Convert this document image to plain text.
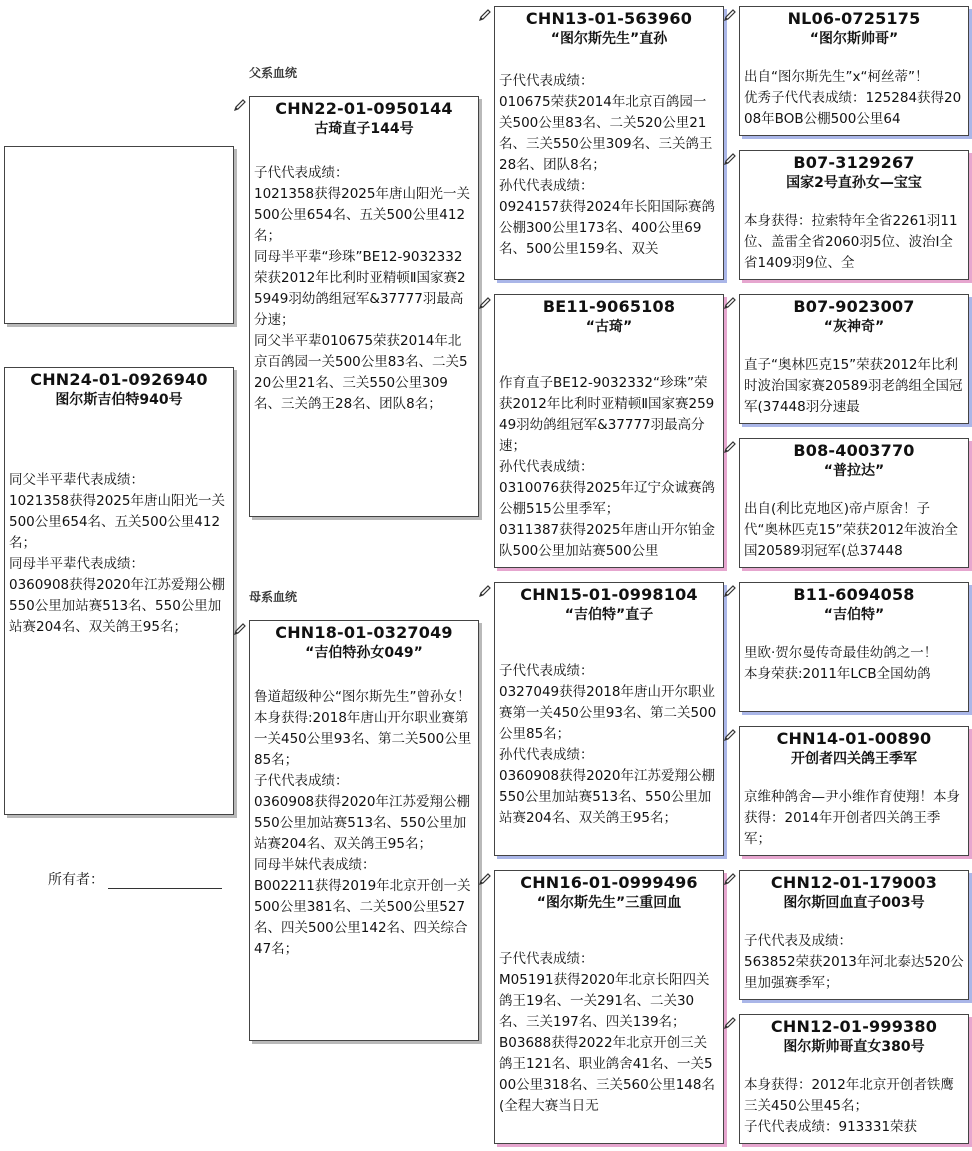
父系血统
母系血统
所有者：
CHN24-01-0926940
图尔斯吉伯特940号
同父半平辈代表成绩：
1021358获得2025年唐山阳光一关500公里654名、五关500公里412名；
同母半平辈代表成绩：
0360908获得2020年江苏爱翔公棚550公里加站赛513名、550公里加站赛204名、双关鸽王95名；
CHN22-01-0950144
古琦直子144号
子代代表成绩：
1021358获得2025年唐山阳光一关500公里654名、五关500公里412名；
同母半平辈“珍珠”BE12-9032332荣获2012年比利时亚精顿Ⅱ国家赛25949羽幼鸽组冠军&37777羽最高分速；
同父半平辈010675荣获2014年北京百鸽园一关500公里83名、二关520公里21名、三关550公里309名、三关鸽王28名、团队8名；
CHN18-01-0327049
“吉伯特孙女049”
鲁道超级种公“图尔斯先生”曾孙女！
本身获得:2018年唐山开尔职业赛第一关450公里93名、第二关500公里85名；
子代代表成绩：
0360908获得2020年江苏爱翔公棚550公里加站赛513名、550公里加站赛204名、双关鸽王95名；
同母半妹代表成绩：
B002211获得2019年北京开创一关500公里381名、二关500公里527名、四关500公里142名、四关综合47名；
CHN13-01-563960
“图尔斯先生”直孙
子代代表成绩：
010675荣获2014年北京百鸽园一关500公里83名、二关520公里21名、三关550公里309名、三关鸽王28名、团队8名；
孙代代表成绩：
0924157获得2024年长阳国际赛鸽公棚300公里173名、400公里69名、500公里159名、双关
BE11-9065108
“古琦”
作育直子BE12-9032332“珍珠”荣获2012年比利时亚精顿Ⅱ国家赛25949羽幼鸽组冠军&37777羽最高分速；
孙代代表成绩：
0310076获得2025年辽宁众诚赛鸽公棚515公里季军；
0311387获得2025年唐山开尔铂金队500公里加站赛500公里
CHN15-01-0998104
“吉伯特”直子
子代代表成绩：
0327049获得2018年唐山开尔职业赛第一关450公里93名、第二关500公里85名；
孙代代表成绩：
0360908获得2020年江苏爱翔公棚550公里加站赛513名、550公里加站赛204名、双关鸽王95名；
CHN16-01-0999496
“图尔斯先生”三重回血
子代代表成绩：
M05191获得2020年北京长阳四关鸽王19名、一关291名、二关30名、三关197名、四关139名；
B03688获得2022年北京开创三关鸽王121名、职业鸽舍41名、一关500公里318名、三关560公里148名(全程大赛当日无
NL06-0725175
“图尔斯帅哥”
出自“图尔斯先生”x“柯丝蒂”！
优秀子代代表成绩：125284获得2008年BOB公棚500公里64
B07-3129267
国家2号直孙女—宝宝
本身获得：拉索特年全省2261羽11位、盖雷全省2060羽5位、波治I全省1409羽9位、全
B07-9023007
“灰神奇”
直子“奥林匹克15”荣获2012年比利时波治国家赛20589羽老鸽组全国冠军(37448羽分速最
B08-4003770
“普拉达”
出自(利比克地区)帝卢原舍！子代“奥林匹克15”荣获2012年波治全国20589羽冠军(总37448
B11-6094058
“吉伯特”
里欧·贺尔曼传奇最佳幼鸽之一！
本身荣获:2011年LCB全国幼鸽
CHN14-01-00890
开创者四关鸽王季军
京维种鸽舍—尹小维作育使翔！本身获得：2014年开创者四关鸽王季军；
CHN12-01-179003
图尔斯回血直子003号
子代代表及成绩：
563852荣获2013年河北泰达520公里加强赛季军；
CHN12-01-999380
图尔斯帅哥直女380号
本身获得：2012年北京开创者铁鹰三关450公里45名；
子代代表成绩：913331荣获
